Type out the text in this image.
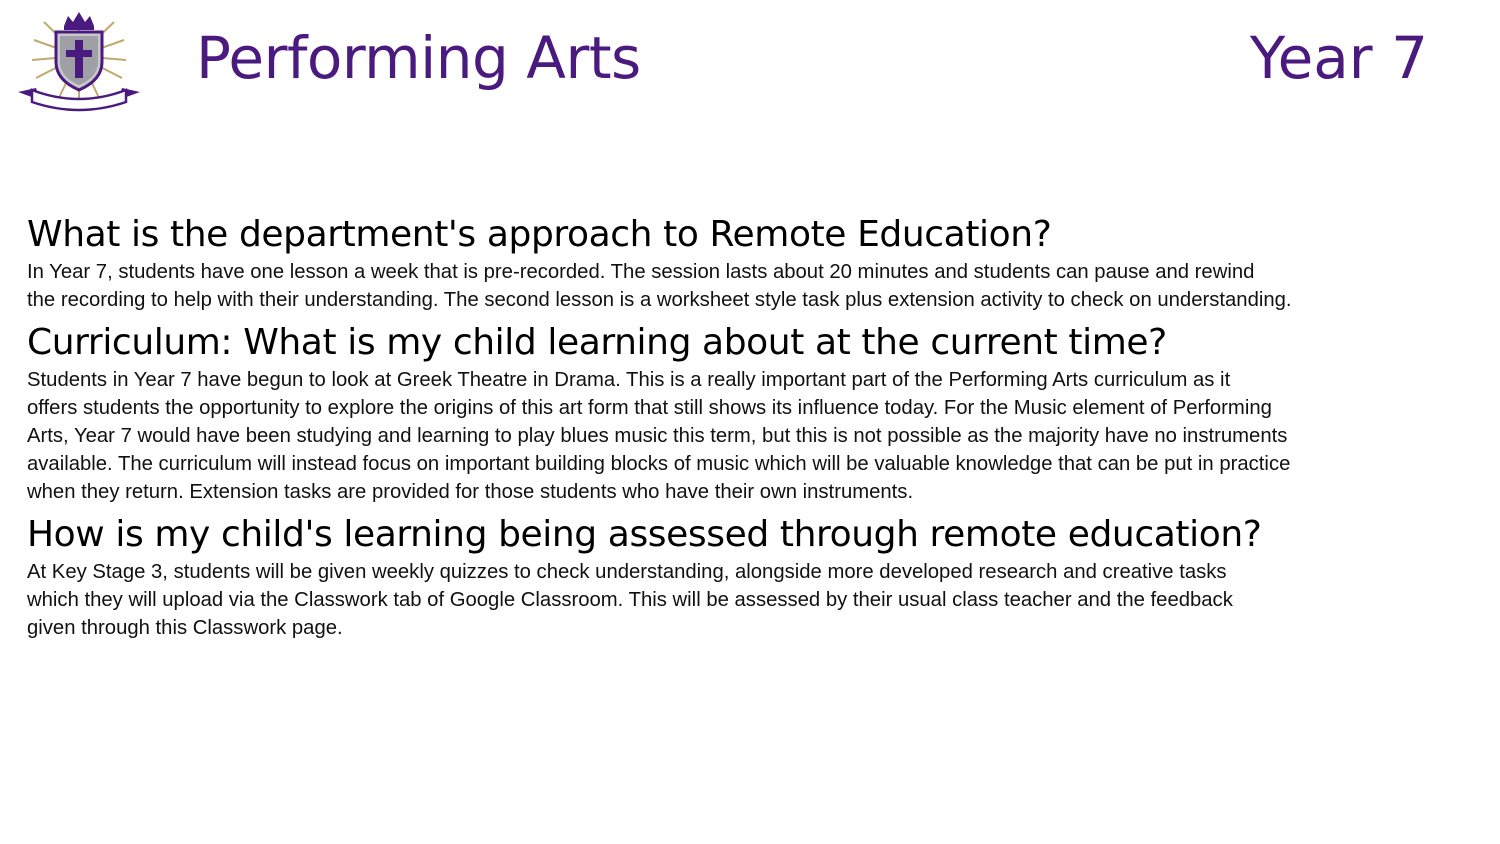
Performing Arts	Year 7
What is the department's approach to Remote Education?

In Year 7, students have one lesson a week that is pre-recorded. The session lasts about 20 minutes and students can pause and rewind
the recording to help with their understanding. The second lesson is a worksheet style task plus extension activity to check on understanding.

Curriculum: What is my child learning about at the current time?

Students in Year 7 have begun to look at Greek Theatre in Drama. This is a really important part of the Performing Arts curriculum as it
offers students the opportunity to explore the origins of this art form that still shows its influence today. For the Music element of Performing
Arts, Year 7 would have been studying and learning to play blues music this term, but this is not possible as the majority have no instruments
available. The curriculum will instead focus on important building blocks of music which will be valuable knowledge that can be put in practice
when they return. Extension tasks are provided for those students who have their own instruments.

How is my child's learning being assessed through remote education?

At Key Stage 3, students will be given weekly quizzes to check understanding, alongside more developed research and creative tasks
which they will upload via the Classwork tab of Google Classroom. This will be assessed by their usual class teacher and the feedback
given through this Classwork page.
